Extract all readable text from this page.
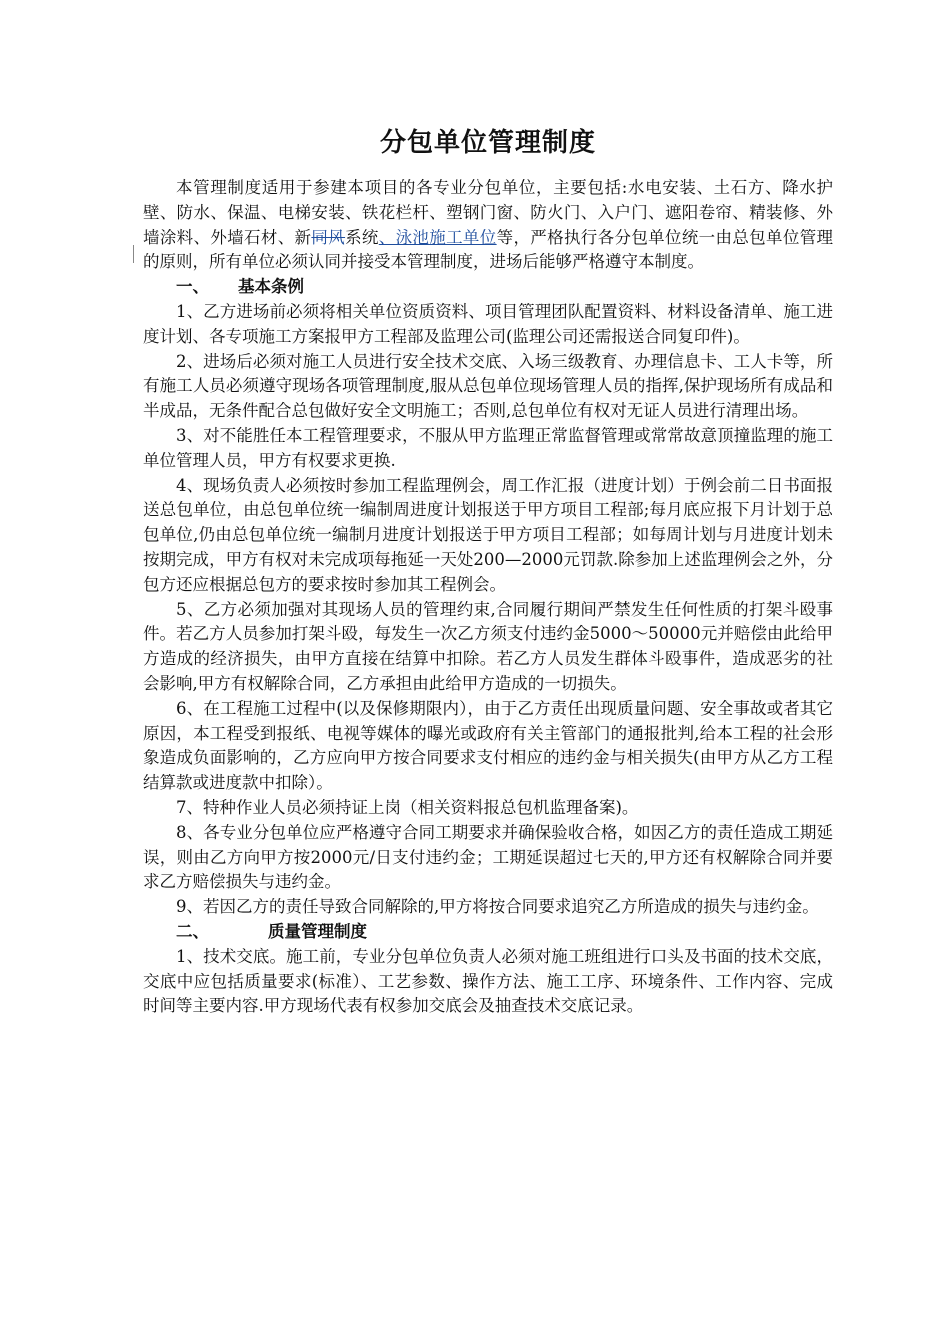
分包单位管理制度

本管理制度适用于参建本项目的各专业分包单位，主要包括:水电安装、土石方、降水护壁、防水、保温、电梯安装、铁花栏杆、塑钢门窗、防火门、入户门、遮阳卷帘、精装修、外墙涂料、外墙石材、新同风系统、泳池施工单位等，严格执行各分包单位统一由总包单位管理的原则，所有单位必须认同并接受本管理制度，进场后能够严格遵守本制度。

一、 基本条例

1、乙方进场前必须将相关单位资质资料、项目管理团队配置资料、材料设备清单、施工进度计划、各专项施工方案报甲方工程部及监理公司(监理公司还需报送合同复印件)。

2、进场后必须对施工人员进行安全技术交底、入场三级教育、办理信息卡、工人卡等，所有施工人员必须遵守现场各项管理制度,服从总包单位现场管理人员的指挥,保护现场所有成品和半成品，无条件配合总包做好安全文明施工；否则,总包单位有权对无证人员进行清理出场。

3、对不能胜任本工程管理要求，不服从甲方监理正常监督管理或常常故意顶撞监理的施工单位管理人员，甲方有权要求更换.

4、现场负责人必须按时参加工程监理例会，周工作汇报（进度计划）于例会前二日书面报送总包单位，由总包单位统一编制周进度计划报送于甲方项目工程部;每月底应报下月计划于总包单位,仍由总包单位统一编制月进度计划报送于甲方项目工程部；如每周计划与月进度计划未按期完成，甲方有权对未完成项每拖延一天处200—2000元罚款.除参加上述监理例会之外，分包方还应根据总包方的要求按时参加其工程例会。

5、乙方必须加强对其现场人员的管理约束,合同履行期间严禁发生任何性质的打架斗殴事件。若乙方人员参加打架斗殴，每发生一次乙方须支付违约金5000～50000元并赔偿由此给甲方造成的经济损失，由甲方直接在结算中扣除。若乙方人员发生群体斗殴事件，造成恶劣的社会影响,甲方有权解除合同，乙方承担由此给甲方造成的一切损失。

6、在工程施工过程中(以及保修期限内），由于乙方责任出现质量问题、安全事故或者其它原因，本工程受到报纸、电视等媒体的曝光或政府有关主管部门的通报批判,给本工程的社会形象造成负面影响的，乙方应向甲方按合同要求支付相应的违约金与相关损失(由甲方从乙方工程结算款或进度款中扣除）。

7、特种作业人员必须持证上岗（相关资料报总包机监理备案)。

8、各专业分包单位应严格遵守合同工期要求并确保验收合格，如因乙方的责任造成工期延误，则由乙方向甲方按2000元/日支付违约金；工期延误超过七天的,甲方还有权解除合同并要求乙方赔偿损失与违约金。

9、若因乙方的责任导致合同解除的,甲方将按合同要求追究乙方所造成的损失与违约金。

二、	质量管理制度

1、技术交底。施工前，专业分包单位负责人必须对施工班组进行口头及书面的技术交底，交底中应包括质量要求(标准）、工艺参数、操作方法、施工工序、环境条件、工作内容、完成时间等主要内容.甲方现场代表有权参加交底会及抽查技术交底记录。
